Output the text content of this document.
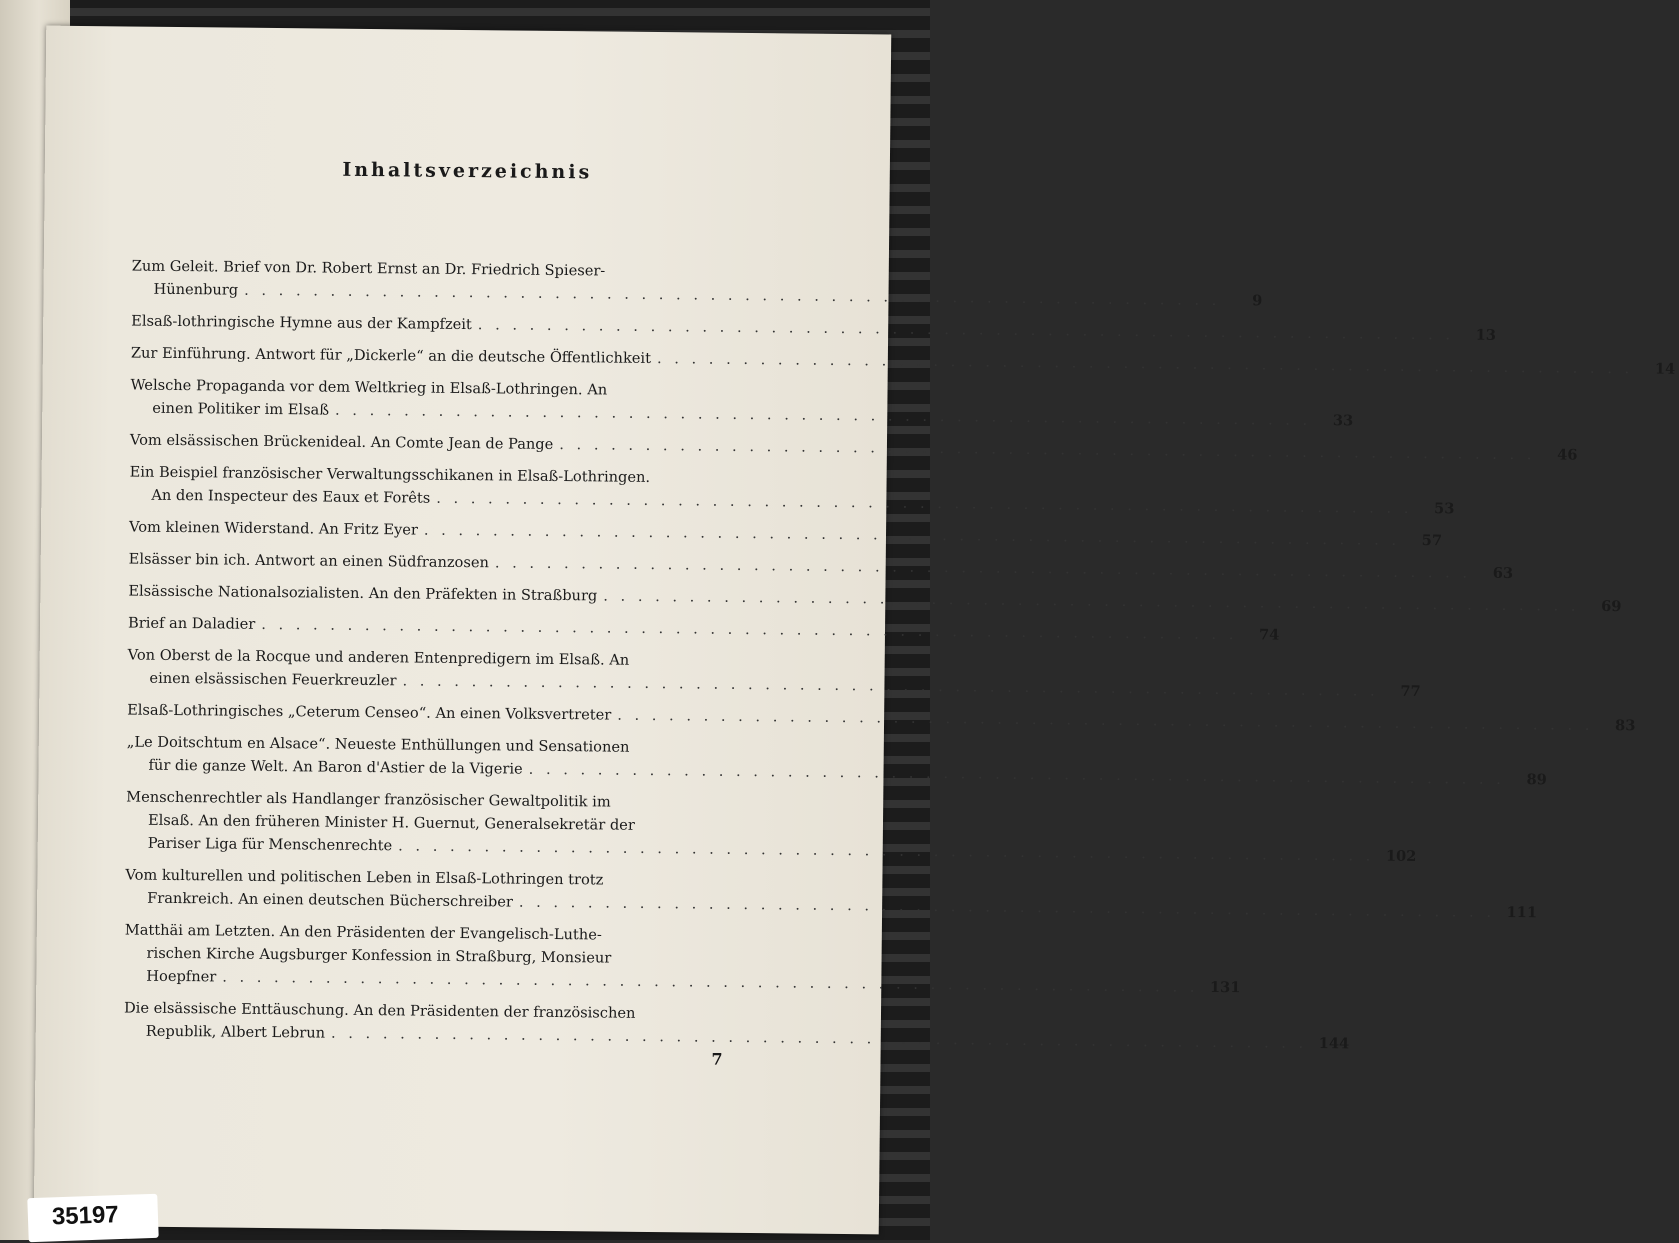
Inhaltsverzeichnis
Zum Geleit. Brief von Dr. Robert Ernst an Dr. Friedrich Spieser-
Hünenburg . . . . . . . . . . . . . . . . . . . . . . . . . . . . . . . . . . . . . . . . . . . . . . . . . . . . . . . . .	9
Elsaß-lothringische Hymne aus der Kampfzeit . . . . . . . . . . . . . . . . . . . . . . . . . . . . . . . . . . . . . . . . . . . . . . . . . . . . . . . . .	13
Zur Einführung. Antwort für „Dickerle“ an die deutsche Öffentlichkeit . . . . . . . . . . . . . . . . . . . . . . . . . . . . . . . . . . . . . . . . . . . . . . . . . . . . . . . . .	14
Welsche Propaganda vor dem Weltkrieg in Elsaß-Lothringen. An
einen Politiker im Elsaß . . . . . . . . . . . . . . . . . . . . . . . . . . . . . . . . . . . . . . . . . . . . . . . . . . . . . . . . .	33
Vom elsässischen Brückenideal. An Comte Jean de Pange . . . . . . . . . . . . . . . . . . . . . . . . . . . . . . . . . . . . . . . . . . . . . . . . . . . . . . . . .	46
Ein Beispiel französischer Verwaltungsschikanen in Elsaß-Lothringen.
An den Inspecteur des Eaux et Forêts . . . . . . . . . . . . . . . . . . . . . . . . . . . . . . . . . . . . . . . . . . . . . . . . . . . . . . . . .	53
Vom kleinen Widerstand. An Fritz Eyer . . . . . . . . . . . . . . . . . . . . . . . . . . . . . . . . . . . . . . . . . . . . . . . . . . . . . . . . .	57
Elsässer bin ich. Antwort an einen Südfranzosen . . . . . . . . . . . . . . . . . . . . . . . . . . . . . . . . . . . . . . . . . . . . . . . . . . . . . . . . .	63
Elsässische Nationalsozialisten. An den Präfekten in Straßburg . . . . . . . . . . . . . . . . . . . . . . . . . . . . . . . . . . . . . . . . . . . . . . . . . . . . . . . . .	69
Brief an Daladier . . . . . . . . . . . . . . . . . . . . . . . . . . . . . . . . . . . . . . . . . . . . . . . . . . . . . . . . .	74
Von Oberst de la Rocque und anderen Entenpredigern im Elsaß. An
einen elsässischen Feuerkreuzler . . . . . . . . . . . . . . . . . . . . . . . . . . . . . . . . . . . . . . . . . . . . . . . . . . . . . . . . .	77
Elsaß-Lothringisches „Ceterum Censeo“. An einen Volksvertreter . . . . . . . . . . . . . . . . . . . . . . . . . . . . . . . . . . . . . . . . . . . . . . . . . . . . . . . . .	83
„Le Doitschtum en Alsace“. Neueste Enthüllungen und Sensationen
für die ganze Welt. An Baron d'Astier de la Vigerie . . . . . . . . . . . . . . . . . . . . . . . . . . . . . . . . . . . . . . . . . . . . . . . . . . . . . . . . .	89
Menschenrechtler als Handlanger französischer Gewaltpolitik im
Elsaß. An den früheren Minister H. Guernut, Generalsekretär der
Pariser Liga für Menschenrechte . . . . . . . . . . . . . . . . . . . . . . . . . . . . . . . . . . . . . . . . . . . . . . . . . . . . . . . . . 102
Vom kulturellen und politischen Leben in Elsaß-Lothringen trotz
Frankreich. An einen deutschen Bücherschreiber . . . . . . . . . . . . . . . . . . . . . . . . . . . . . . . . . . . . . . . . . . . . . . . . . . . . . . . . . 111
Matthäi am Letzten. An den Präsidenten der Evangelisch-Luthe-
rischen Kirche Augsburger Konfession in Straßburg, Monsieur
Hoepfner . . . . . . . . . . . . . . . . . . . . . . . . . . . . . . . . . . . . . . . . . . . . . . . . . . . . . . . . . 131
Die elsässische Enttäuschung. An den Präsidenten der französischen
Republik, Albert Lebrun . . . . . . . . . . . . . . . . . . . . . . . . . . . . . . . . . . . . . . . . . . . . . . . . . . . . . . . . . 144
7
35197
